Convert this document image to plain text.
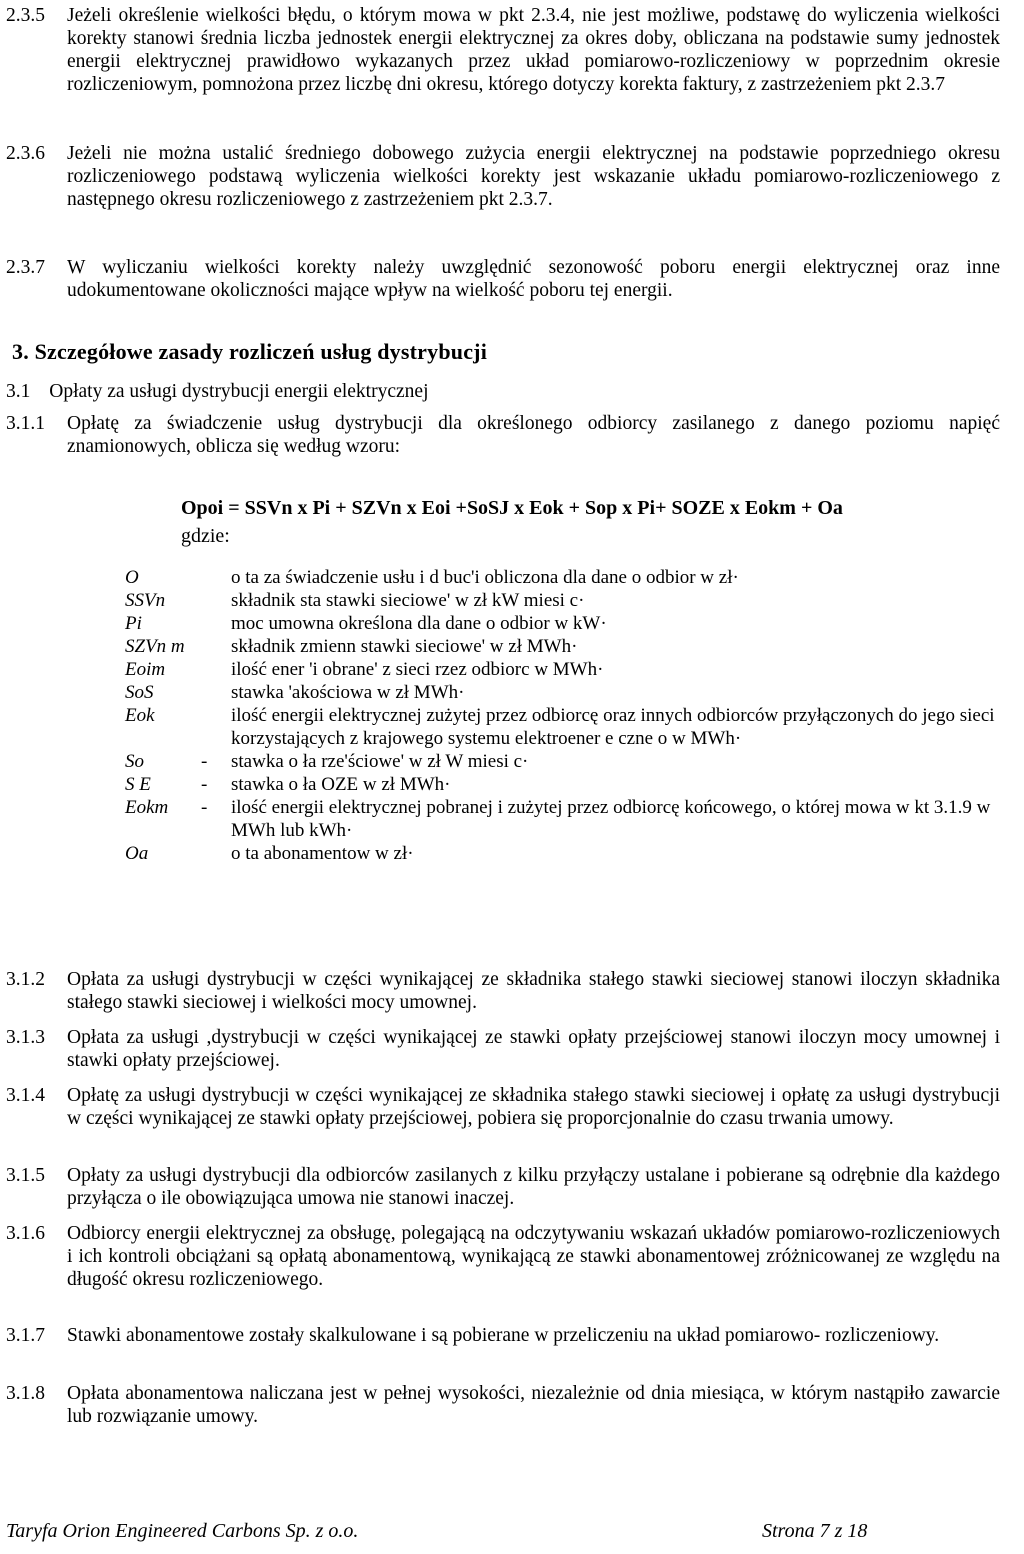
2.3.5 Jeżeli określenie wielkości błędu, o którym mowa w pkt 2.3.4, nie jest możliwe, podstawę do wyliczenia wielkości korekty stanowi średnia liczba jednostek energii elektrycznej za okres doby, obliczana na podstawie sumy jednostek energii elektrycznej prawidłowo wykazanych przez układ pomiarowo-rozliczeniowy w poprzednim okresie rozliczeniowym, pomnożona przez liczbę dni okresu, którego dotyczy korekta faktury, z zastrzeżeniem pkt 2.3.7
2.3.6 Jeżeli nie można ustalić średniego dobowego zużycia energii elektrycznej na podstawie poprzedniego okresu rozliczeniowego podstawą wyliczenia wielkości korekty jest wskazanie układu pomiarowo-rozliczeniowego z następnego okresu rozliczeniowego z zastrzeżeniem pkt 2.3.7.
2.3.7 W wyliczaniu wielkości korekty należy uwzględnić sezonowość poboru energii elektrycznej oraz inne udokumentowane okoliczności mające wpływ na wielkość poboru tej energii.
3. Szczegółowe zasady rozliczeń usług dystrybucji
3.1 Opłaty za usługi dystrybucji energii elektrycznej
3.1.1 Opłatę za świadczenie usług dystrybucji dla określonego odbiorcy zasilanego z danego poziomu napięć znamionowych, oblicza się według wzoru:
Opoi = SSVn x Pi + SZVn x Eoi +SoSJ x Eok + Sop x Pi+ SOZE x Eokm + Oa
gdzie:
O		o ta za świadczenie usłu i d buc'i obliczona dla dane o odbior w zł·
SSVn		składnik sta stawki sieciowe' w zł kW miesi c·
Pi		moc umowna określona dla dane o odbior w kW·
SZVn m		składnik zmienn stawki sieciowe' w zł MWh·
Eoim		ilość ener 'i obrane' z sieci rzez odbiorc w MWh·
SoS		stawka 'akościowa w zł MWh·
Eok		ilość energii elektrycznej zużytej przez odbiorcę oraz innych odbiorców przyłączonych do jego sieci korzystających z krajowego systemu elektroener e czne o w MWh·
So	-	stawka o ła rze'ściowe' w zł W miesi c·
S E	-	stawka o ła OZE w zł MWh·
Eokm	-	ilość energii elektrycznej pobranej i zużytej przez odbiorcę końcowego, o której mowa w kt 3.1.9 w MWh lub kWh·
Oa		o ta abonamentow w zł·
3.1.2 Opłata za usługi dystrybucji w części wynikającej ze składnika stałego stawki sieciowej stanowi iloczyn składnika stałego stawki sieciowej i wielkości mocy umownej.
3.1.3 Opłata za usługi ,dystrybucji w części wynikającej ze stawki opłaty przejściowej stanowi iloczyn mocy umownej i stawki opłaty przejściowej.
3.1.4 Opłatę za usługi dystrybucji w części wynikającej ze składnika stałego stawki sieciowej i opłatę za usługi dystrybucji w części wynikającej ze stawki opłaty przejściowej, pobiera się proporcjonalnie do czasu trwania umowy.
3.1.5 Opłaty za usługi dystrybucji dla odbiorców zasilanych z kilku przyłączy ustalane i pobierane są odrębnie dla każdego przyłącza o ile obowiązująca umowa nie stanowi inaczej.
3.1.6 Odbiorcy energii elektrycznej za obsługę, polegającą na odczytywaniu wskazań układów pomiarowo-rozliczeniowych i ich kontroli obciążani są opłatą abonamentową, wynikającą ze stawki abonamentowej zróżnicowanej ze względu na długość okresu rozliczeniowego.
3.1.7 Stawki abonamentowe zostały skalkulowane i są pobierane w przeliczeniu na układ pomiarowo- rozliczeniowy.
3.1.8 Opłata abonamentowa naliczana jest w pełnej wysokości, niezależnie od dnia miesiąca, w którym nastąpiło zawarcie lub rozwiązanie umowy.
Taryfa Orion Engineered Carbons Sp. z o.o.	Strona 7 z 18
